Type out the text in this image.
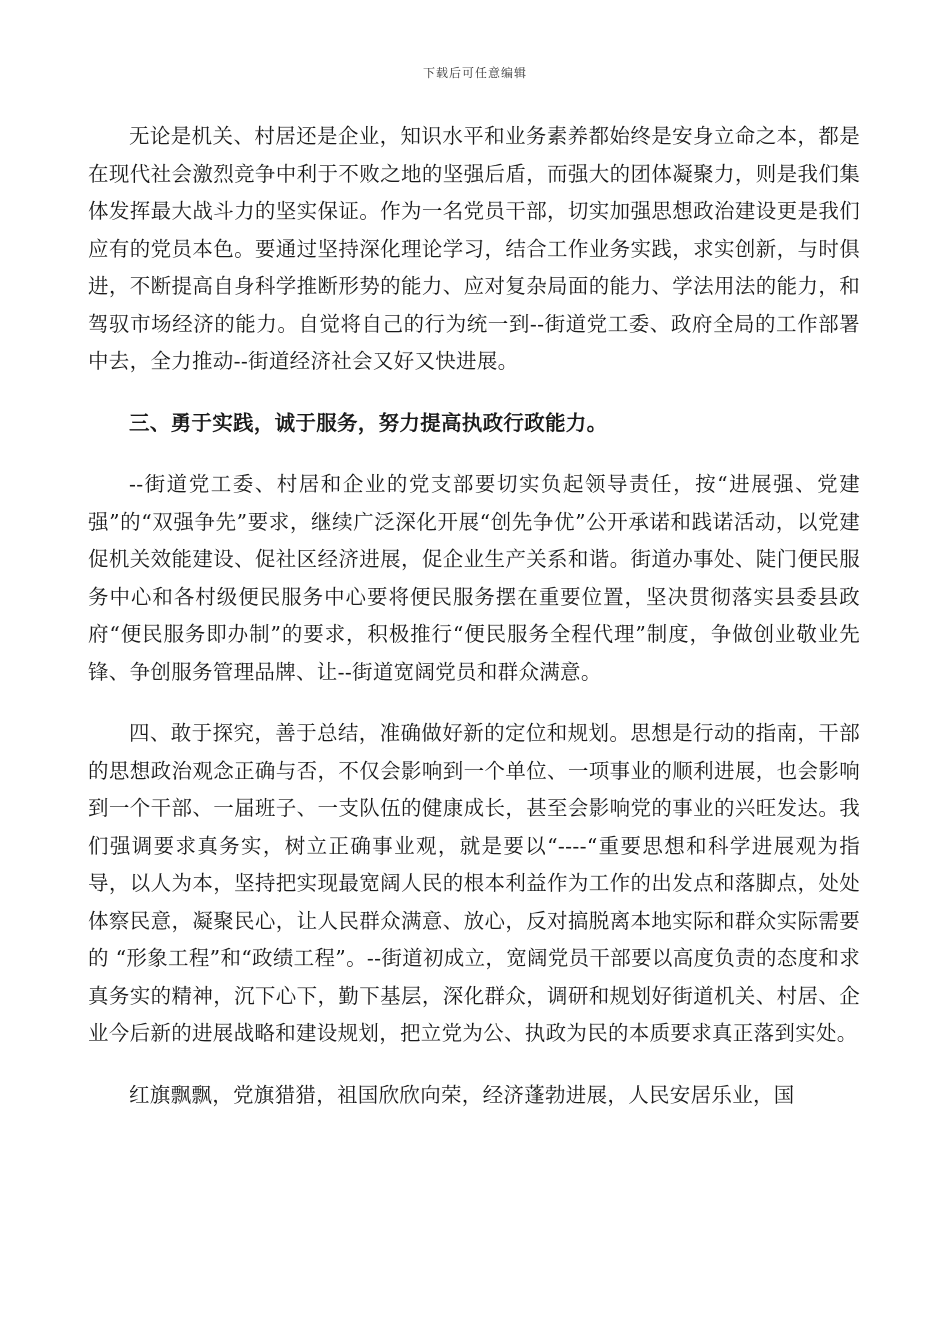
下载后可任意编辑

无论是机关、村居还是企业，知识水平和业务素养都始终是安身立命之本，都是在现代社会激烈竞争中利于不败之地的坚强后盾，而强大的团体凝聚力，则是我们集体发挥最大战斗力的坚实保证。作为一名党员干部，切实加强思想政治建设更是我们应有的党员本色。要通过坚持深化理论学习，结合工作业务实践，求实创新，与时俱进，不断提高自身科学推断形势的能力、应对复杂局面的能力、学法用法的能力，和驾驭市场经济的能力。自觉将自己的行为统一到--街道党工委、政府全局的工作部署中去，全力推动--街道经济社会又好又快进展。

三、勇于实践，诚于服务，努力提高执政行政能力。

--街道党工委、村居和企业的党支部要切实负起领导责任，按“进展强、党建强”的“双强争先”要求，继续广泛深化开展“创先争优”公开承诺和践诺活动，以党建促机关效能建设、促社区经济进展，促企业生产关系和谐。街道办事处、陡门便民服务中心和各村级便民服务中心要将便民服务摆在重要位置，坚决贯彻落实县委县政府“便民服务即办制”的要求，积极推行“便民服务全程代理”制度，争做创业敬业先锋、争创服务管理品牌、让--街道宽阔党员和群众满意。

四、敢于探究，善于总结，准确做好新的定位和规划。思想是行动的指南，干部的思想政治观念正确与否，不仅会影响到一个单位、一项事业的顺利进展，也会影响到一个干部、一届班子、一支队伍的健康成长，甚至会影响党的事业的兴旺发达。我们强调要求真务实，树立正确事业观，就是要以“----“重要思想和科学进展观为指导，以人为本，坚持把实现最宽阔人民的根本利益作为工作的出发点和落脚点，处处体察民意，凝聚民心，让人民群众满意、放心，反对搞脱离本地实际和群众实际需要的 “形象工程”和“政绩工程”。--街道初成立，宽阔党员干部要以高度负责的态度和求真务实的精神，沉下心下，勤下基层，深化群众，调研和规划好街道机关、村居、企业今后新的进展战略和建设规划，把立党为公、执政为民的本质要求真正落到实处。

红旗飘飘，党旗猎猎，祖国欣欣向荣，经济蓬勃进展，人民安居乐业，国
